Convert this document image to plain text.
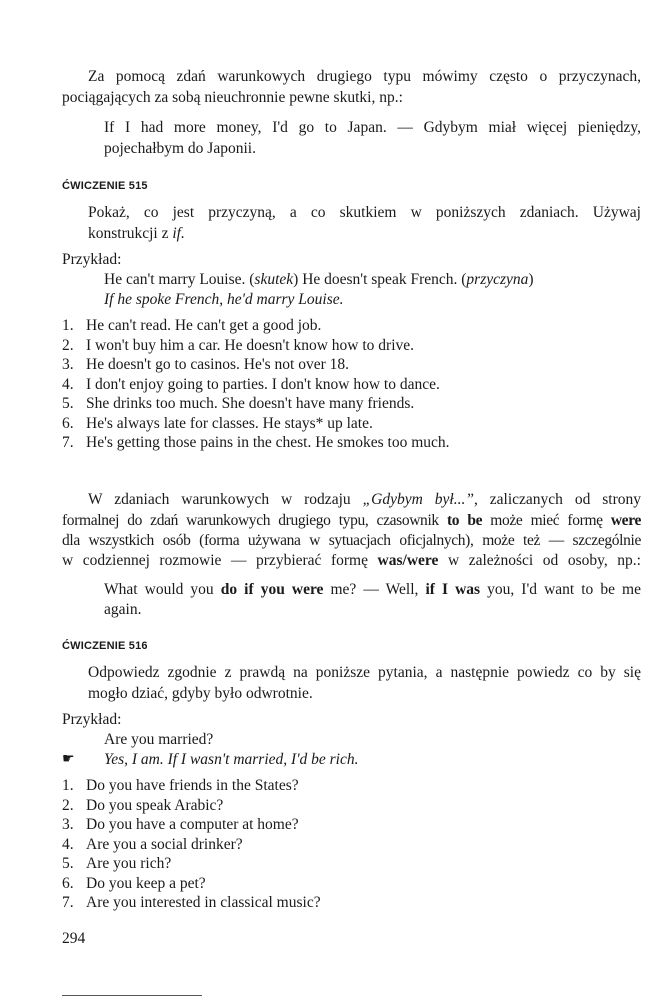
Za pomocą zdań warunkowych drugiego typu mówimy często o przyczynach,
pociągających za sobą nieuchronnie pewne skutki, np.:
If I had more money, I'd go to Japan. — Gdybym miał więcej pieniędzy,
pojechałbym do Japonii.
ĆWICZENIE 515
Pokaż, co jest przyczyną, a co skutkiem w poniższych zdaniach. Używaj
konstrukcji z if.
Przykład:
He can't marry Louise. (skutek) He doesn't speak French. (przyczyna)
If he spoke French, he'd marry Louise.
1. He can't read. He can't get a good job.
2. I won't buy him a car. He doesn't know how to drive.
3. He doesn't go to casinos. He's not over 18.
4. I don't enjoy going to parties. I don't know how to dance.
5. She drinks too much. She doesn't have many friends.
6. He's always late for classes. He stays* up late.
7. He's getting those pains in the chest. He smokes too much.
W zdaniach warunkowych w rodzaju „Gdybym był...”, zaliczanych od strony
formalnej do zdań warunkowych drugiego typu, czasownik to be może mieć formę were
dla wszystkich osób (forma używana w sytuacjach oficjalnych), może też — szczególnie
w codziennej rozmowie — przybierać formę was/were w zależności od osoby, np.:
What would you do if you were me? — Well, if I was you, I'd want to be me
again.
ĆWICZENIE 516
Odpowiedz zgodnie z prawdą na poniższe pytania, a następnie powiedz co by się
mogło dziać, gdyby było odwrotnie.
Przykład:
Are you married?
☛ Yes, I am. If I wasn't married, I'd be rich.
1. Do you have friends in the States?
2. Do you speak Arabic?
3. Do you have a computer at home?
4. Are you a social drinker?
5. Are you rich?
6. Do you keep a pet?
7. Are you interested in classical music?
294
